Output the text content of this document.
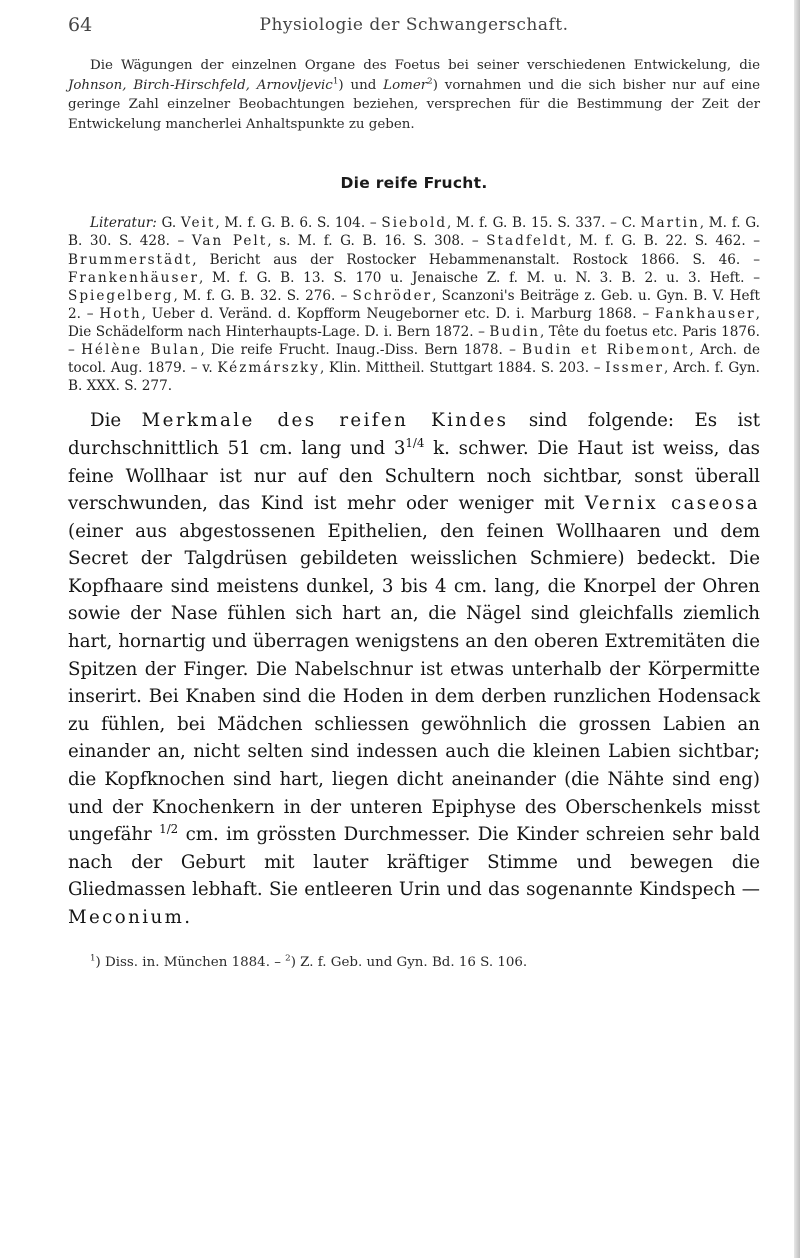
64	Physiologie der Schwangerschaft.

Die Wägungen der einzelnen Organe des Foetus bei seiner verschiedenen Entwickelung, die Johnson, Birch-Hirschfeld, Arnovljevic$^1$) und Lomer$^2$) vornahmen und die sich bisher nur auf eine geringe Zahl einzelner Beobachtungen beziehen, versprechen für die Bestimmung der Zeit der Entwickelung mancherlei Anhaltspunkte zu geben.

Die reife Frucht.

Literatur: G. Veit, M. f. G. B. 6. S. 104. – Siebold, M. f. G. B. 15. S. 337. – C. Martin, M. f. G. B. 30. S. 428. – Van Pelt, s. M. f. G. B. 16. S. 308. – Stadfeldt, M. f. G. B. 22. S. 462. – Brummerstädt, Bericht aus der Rostocker Hebammenanstalt. Rostock 1866. S. 46. – Frankenhäuser, M. f. G. B. 13. S. 170 u. Jenaische Z. f. M. u. N. 3. B. 2. u. 3. Heft. – Spiegelberg, M. f. G. B. 32. S. 276. – Schröder, Scanzoni's Beiträge z. Geb. u. Gyn. B. V. Heft 2. – Hoth, Ueber d. Veränd. d. Kopfform Neugeborner etc. D. i. Marburg 1868. – Fankhauser, Die Schädelform nach Hinterhaupts-Lage. D. i. Bern 1872. – Budin, Tête du foetus etc. Paris 1876. – Hélène Bulan, Die reife Frucht. Inaug.-Diss. Bern 1878. – Budin et Ribemont, Arch. de tocol. Aug. 1879. – v. Kézmárszky, Klin. Mittheil. Stuttgart 1884. S. 203. – Issmer, Arch. f. Gyn. B. XXX. S. 277.

Die Merkmale des reifen Kindes sind folgende: Es ist durchschnittlich 51 cm. lang und $3^{1/4}$ k. schwer. Die Haut ist weiss, das feine Wollhaar ist nur auf den Schultern noch sichtbar, sonst überall verschwunden, das Kind ist mehr oder weniger mit Vernix caseosa (einer aus abgestossenen Epithelien, den feinen Wollhaaren und dem Secret der Talgdrüsen gebildeten weisslichen Schmiere) bedeckt. Die Kopfhaare sind meistens dunkel, 3 bis 4 cm. lang, die Knorpel der Ohren sowie der Nase fühlen sich hart an, die Nägel sind gleichfalls ziemlich hart, hornartig und überragen wenigstens an den oberen Extremitäten die Spitzen der Finger. Die Nabelschnur ist etwas unterhalb der Körpermitte inserirt. Bei Knaben sind die Hoden in dem derben runzlichen Hodensack zu fühlen, bei Mädchen schliessen gewöhnlich die grossen Labien an einander an, nicht selten sind indessen auch die kleinen Labien sichtbar; die Kopfknochen sind hart, liegen dicht aneinander (die Nähte sind eng) und der Knochenkern in der unteren Epiphyse des Oberschenkels misst ungefähr $^{1/2}$ cm. im grössten Durchmesser. Die Kinder schreien sehr bald nach der Geburt mit lauter kräftiger Stimme und bewegen die Gliedmassen lebhaft. Sie entleeren Urin und das sogenannte Kindspech — Meconium.

$^1$) Diss. in. München 1884. – $^2$) Z. f. Geb. und Gyn. Bd. 16 S. 106.
